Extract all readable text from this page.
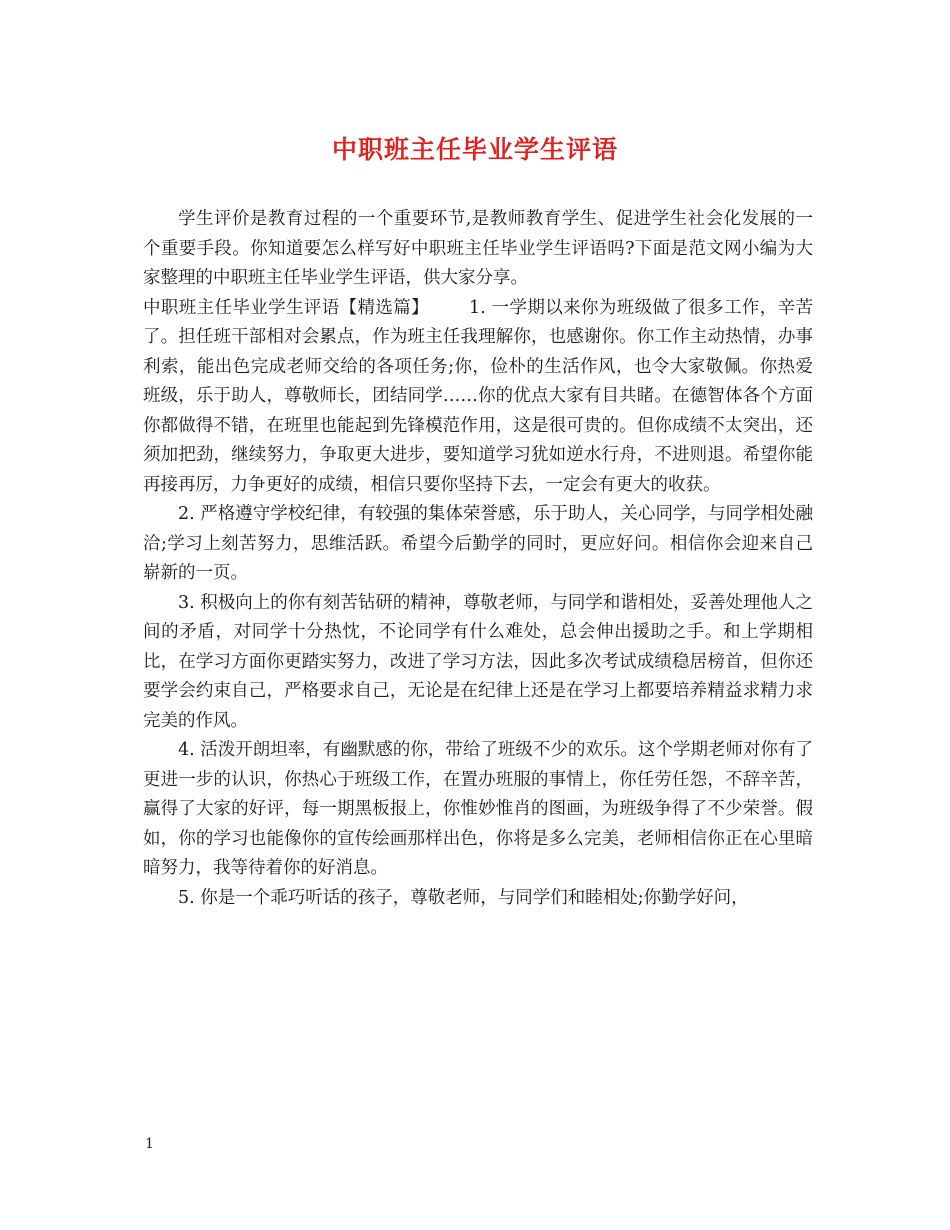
中职班主任毕业学生评语

学生评价是教育过程的一个重要环节,是教师教育学生、促进学生社会化发展的一个重要手段。你知道要怎么样写好中职班主任毕业学生评语吗?下面是范文网小编为大家整理的中职班主任毕业学生评语，供大家分享。

中职班主任毕业学生评语【精选篇】 1. 一学期以来你为班级做了很多工作，辛苦了。担任班干部相对会累点，作为班主任我理解你，也感谢你。你工作主动热情，办事利索，能出色完成老师交给的各项任务;你，俭朴的生活作风，也令大家敬佩。你热爱班级，乐于助人，尊敬师长，团结同学……你的优点大家有目共睹。在德智体各个方面你都做得不错，在班里也能起到先锋模范作用，这是很可贵的。但你成绩不太突出，还须加把劲，继续努力，争取更大进步，要知道学习犹如逆水行舟，不进则退。希望你能再接再厉，力争更好的成绩，相信只要你坚持下去，一定会有更大的收获。

2. 严格遵守学校纪律，有较强的集体荣誉感，乐于助人，关心同学，与同学相处融洽;学习上刻苦努力，思维活跃。希望今后勤学的同时，更应好问。相信你会迎来自己崭新的一页。

3. 积极向上的你有刻苦钻研的精神，尊敬老师，与同学和谐相处，妥善处理他人之间的矛盾，对同学十分热忱，不论同学有什么难处，总会伸出援助之手。和上学期相比，在学习方面你更踏实努力，改进了学习方法，因此多次考试成绩稳居榜首，但你还要学会约束自己，严格要求自己，无论是在纪律上还是在学习上都要培养精益求精力求完美的作风。

4. 活泼开朗坦率，有幽默感的你，带给了班级不少的欢乐。这个学期老师对你有了更进一步的认识，你热心于班级工作，在置办班服的事情上，你任劳任怨，不辞辛苦，赢得了大家的好评，每一期黑板报上，你惟妙惟肖的图画，为班级争得了不少荣誉。假如，你的学习也能像你的宣传绘画那样出色，你将是多么完美，老师相信你正在心里暗暗努力，我等待着你的好消息。

5. 你是一个乖巧听话的孩子，尊敬老师，与同学们和睦相处;你勤学好问，

1
